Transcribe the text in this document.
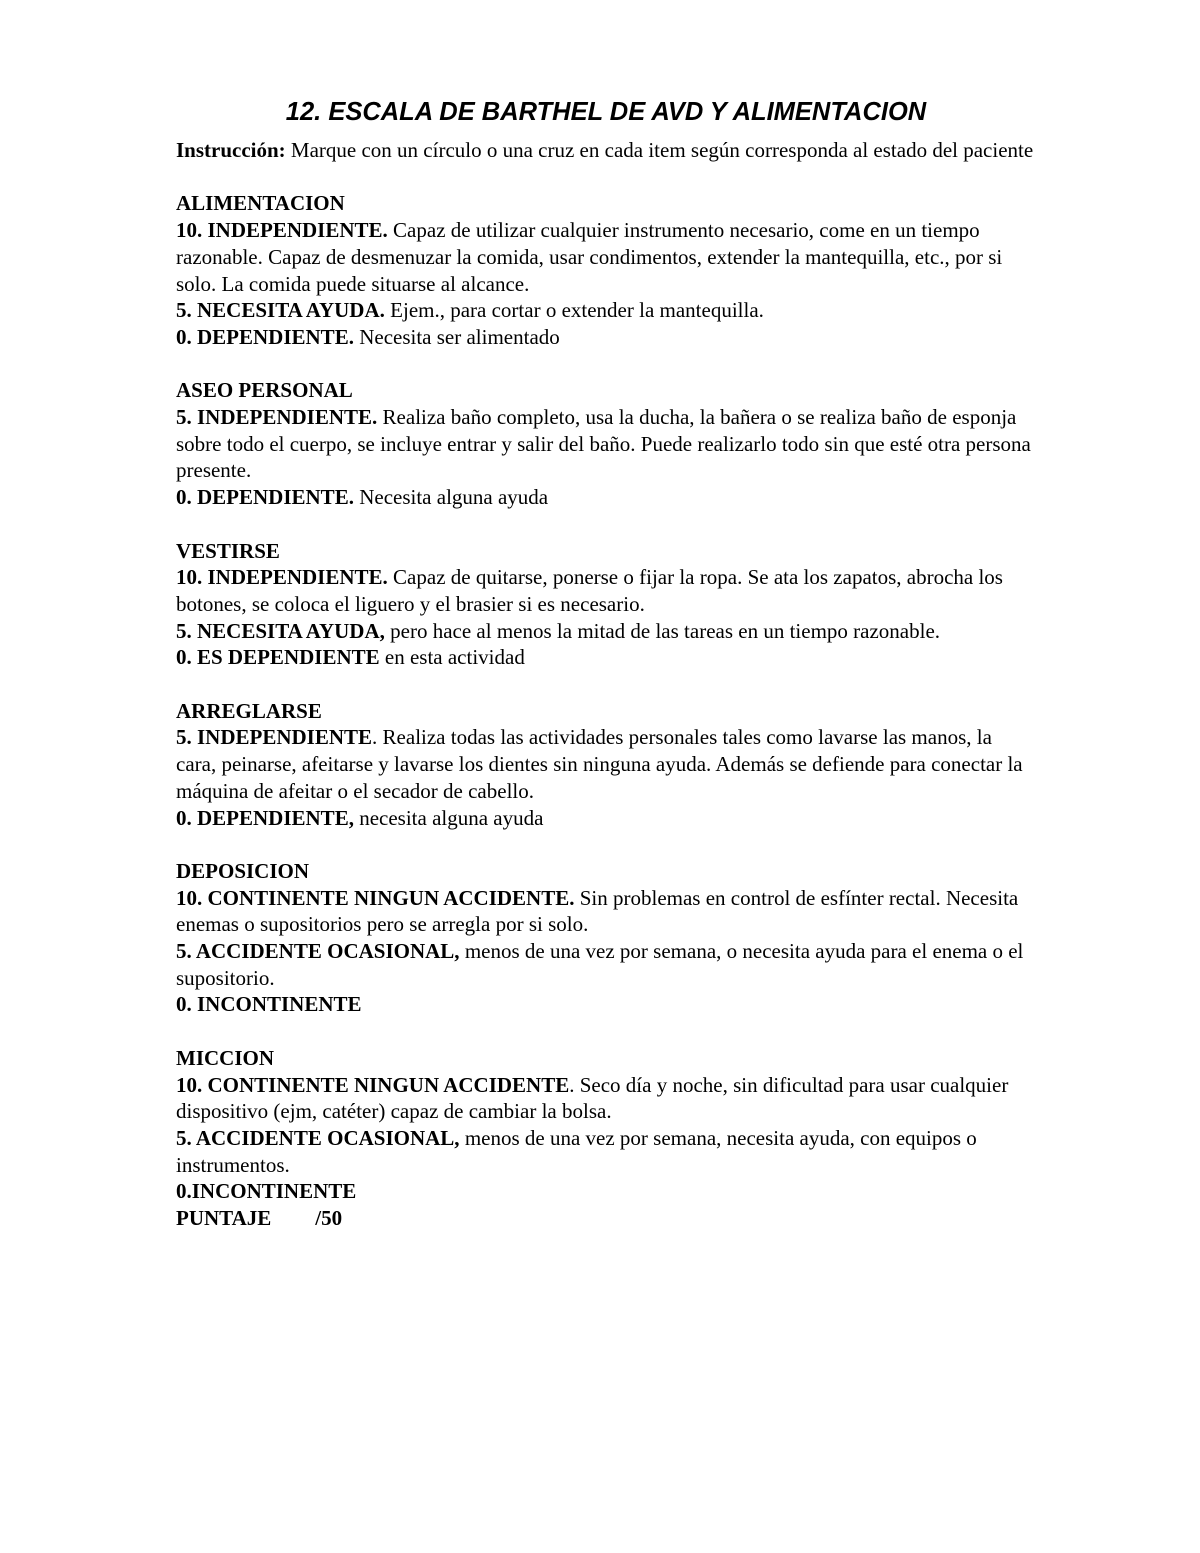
12. ESCALA DE BARTHEL DE AVD Y ALIMENTACION

Instrucción: Marque con un círculo o una cruz en cada item según corresponda al estado del paciente

ALIMENTACION

10. INDEPENDIENTE. Capaz de utilizar cualquier instrumento necesario, come en un tiempo razonable. Capaz de desmenuzar la comida, usar condimentos, extender la mantequilla, etc., por si solo. La comida puede situarse al alcance.

5. NECESITA AYUDA. Ejem., para cortar o extender la mantequilla.

0. DEPENDIENTE. Necesita ser alimentado

ASEO PERSONAL

5. INDEPENDIENTE. Realiza baño completo, usa la ducha, la bañera o se realiza baño de esponja sobre todo el cuerpo, se incluye entrar y salir del baño. Puede realizarlo todo sin que esté otra persona presente.

0. DEPENDIENTE. Necesita alguna ayuda

VESTIRSE

10. INDEPENDIENTE. Capaz de quitarse, ponerse o fijar la ropa. Se ata los zapatos, abrocha los botones, se coloca el liguero y el brasier si es necesario.

5. NECESITA AYUDA, pero hace al menos la mitad de las tareas en un tiempo razonable.

0. ES DEPENDIENTE en esta actividad

ARREGLARSE

5. INDEPENDIENTE. Realiza todas las actividades personales tales como lavarse las manos, la cara, peinarse, afeitarse y lavarse los dientes sin ninguna ayuda. Además se defiende para conectar la máquina de afeitar o el secador de cabello.

0. DEPENDIENTE, necesita alguna ayuda

DEPOSICION

10. CONTINENTE NINGUN ACCIDENTE. Sin problemas en control de esfínter rectal. Necesita enemas o supositorios pero se arregla por si solo.

5. ACCIDENTE OCASIONAL, menos de una vez por semana, o necesita ayuda para el enema o el supositorio.

0. INCONTINENTE

MICCION

10. CONTINENTE NINGUN ACCIDENTE. Seco día y noche, sin dificultad para usar cualquier dispositivo (ejm, catéter) capaz de cambiar la bolsa.

5. ACCIDENTE OCASIONAL, menos de una vez por semana, necesita ayuda, con equipos o instrumentos.

0.INCONTINENTE

PUNTAJE /50
